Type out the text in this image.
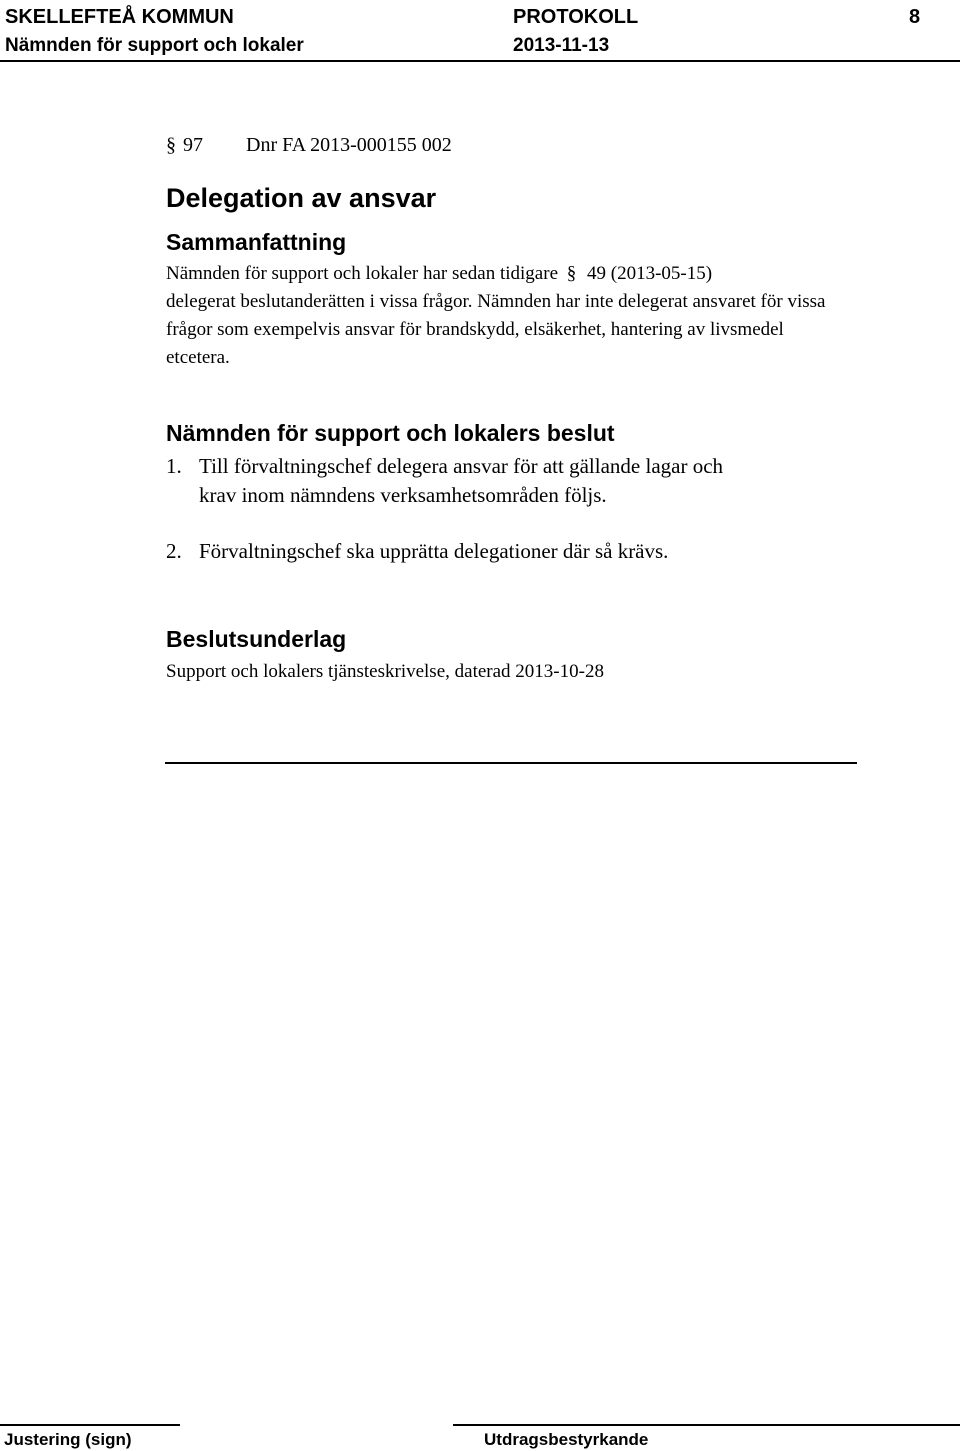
SKELLEFTEÅ KOMMUN	PROTOKOLL	8
Nämnden för support och lokaler	2013-11-13
§ 97 Dnr FA 2013-000155 002
Delegation av ansvar
Sammanfattning
Nämnden för support och lokaler har sedan tidigare § 49 (2013-05-15)
delegerat beslutanderätten i vissa frågor. Nämnden har inte delegerat ansvaret för vissa frågor som exempelvis ansvar för brandskydd, elsäkerhet, hantering av livsmedel etcetera.
Nämnden för support och lokalers beslut
1. Till förvaltningschef delegera ansvar för att gällande lagar och
krav inom nämndens verksamhetsområden följs.
2. Förvaltningschef ska upprätta delegationer där så krävs.
Beslutsunderlag
Support och lokalers tjänsteskrivelse, daterad 2013-10-28
Justering (sign)	Utdragsbestyrkande
